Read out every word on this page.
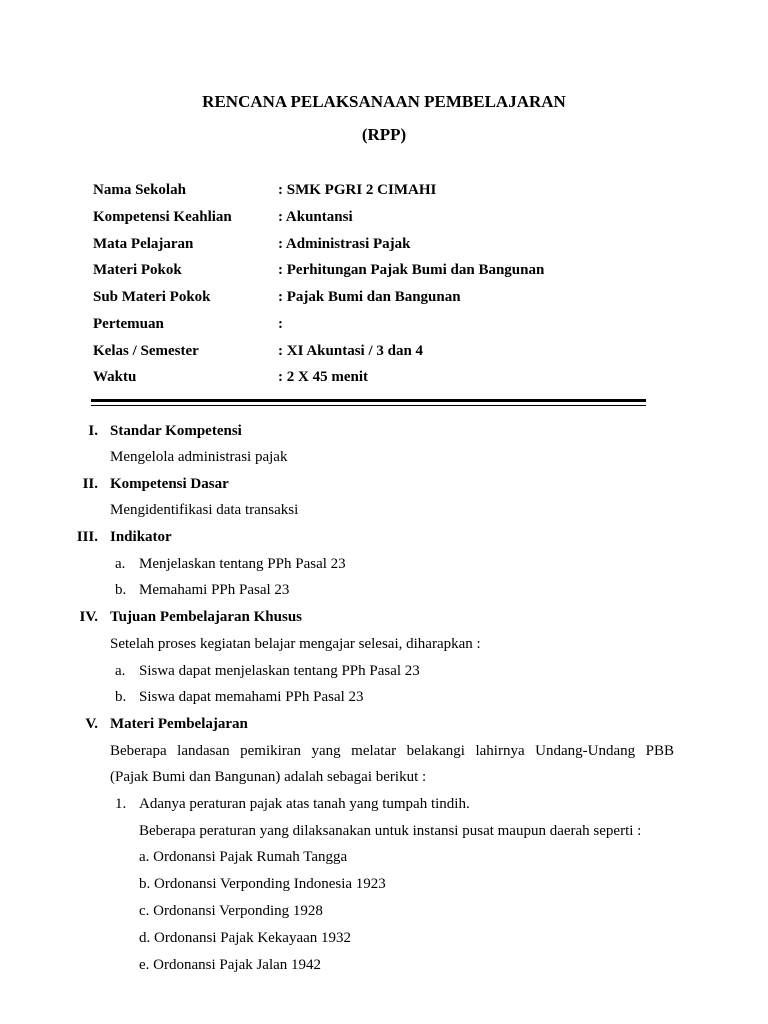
RENCANA PELAKSANAAN PEMBELAJARAN
(RPP)
Nama Sekolah	: SMK PGRI 2 CIMAHI
Kompetensi Keahlian	: Akuntansi
Mata Pelajaran	: Administrasi Pajak
Materi Pokok	: Perhitungan Pajak Bumi dan Bangunan
Sub Materi Pokok	: Pajak Bumi dan Bangunan
Pertemuan	:
Kelas / Semester	: XI Akuntasi / 3 dan 4
Waktu	: 2 X 45 menit
I. Standar Kompetensi
Mengelola administrasi pajak
II. Kompetensi Dasar
Mengidentifikasi data transaksi
III. Indikator
a. Menjelaskan tentang PPh Pasal 23
b. Memahami PPh Pasal 23
IV. Tujuan Pembelajaran Khusus
Setelah proses kegiatan belajar mengajar selesai, diharapkan :
a. Siswa dapat menjelaskan tentang PPh Pasal 23
b. Siswa dapat memahami PPh Pasal 23
V. Materi Pembelajaran
Beberapa landasan pemikiran yang melatar belakangi lahirnya Undang-Undang PBB
(Pajak Bumi dan Bangunan) adalah sebagai berikut :
1. Adanya peraturan pajak atas tanah yang tumpah tindih.
Beberapa peraturan yang dilaksanakan untuk instansi pusat maupun daerah seperti :
a. Ordonansi Pajak Rumah Tangga
b. Ordonansi Verponding Indonesia 1923
c. Ordonansi Verponding 1928
d. Ordonansi Pajak Kekayaan 1932
e. Ordonansi Pajak Jalan 1942
